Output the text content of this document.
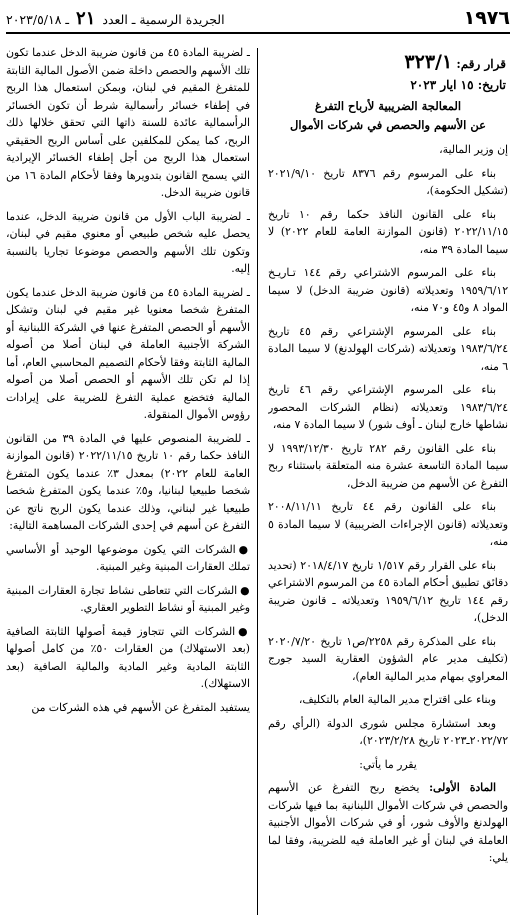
١٩٧٦
الجريدة الرسمية ـ العدد ٢١ ـ ٢٠٢٣/٥/١٨
قرار رقم: ٣٢٣/١
تاريخ: ١٥ ايار ٢٠٢٣
المعالجة الضريبية لأرباح التفرغ
عن الأسهم والحصص في شركات الأموال

إن وزير المالية،

بناء على المرسوم رقم ٨٣٧٦ تاريخ ٢٠٢١/٩/١٠ (تشكيل الحكومة)،

بناء على القانون النافذ حكما رقم ١٠ تاريخ ٢٠٢٢/١١/١٥ (قانون الموازنة العامة للعام ٢٠٢٢) لا سيما المادة ٣٩ منه،

بناء على المرسوم الاشتراعي رقم ١٤٤ تـاريـخ ١٩٥٩/٦/١٢ وتعديلاته (قانون ضريبة الدخل) لا سيما المواد ٨ و٤٥ و٧٠ منه،

بناء على المرسوم الإشتراعي رقم ٤٥ تاريخ ١٩٨٣/٦/٢٤ وتعديلاته (شركات الهولدنغ) لا سيما المادة ٦ منه،

بناء على المرسوم الإشتراعي رقم ٤٦ تاريخ ١٩٨٣/٦/٢٤ وتعديلاته (نظام الشركات المحصور نشاطها خارج لبنان ـ أوف شور) لا سيما المادة ٧ منه،

بناء على القانون رقم ٢٨٢ تاريخ ١٩٩٣/١٢/٣٠ لا سيما المادة التاسعة عشرة منه المتعلقة باستثناء ربح التفرغ عن الأسهم من ضريبة الدخل،

بناء على القانون رقم ٤٤ تاريخ ٢٠٠٨/١١/١١ وتعديلاته (قانون الإجراءات الضريبية) لا سيما المادة ٥ منه،

بناء على القرار رقم ١/٥١٧ تاريخ ٢٠١٨/٤/١٧ (تحديد دقائق تطبيق أحكام المادة ٤٥ من المرسوم الاشتراعي رقم ١٤٤ تاريخ ١٩٥٩/٦/١٢ وتعديلاته ـ قانون ضريبة الدخل)،

بناء على المذكرة رقم ٢٢٥٨/ص١ تاريخ ٢٠٢٠/٧/٢٠ (تكليف مدير عام الشؤون العقارية السيد جورج المعراوي بمهام مدير المالية العام)،

وبناء على اقتراح مدير المالية العام بالتكليف،

وبعد استشارة مجلس شورى الدولة (الرأي رقم ٢٠٢٢/٧٢ـ٢٠٢٣ تاريخ ٢٠٢٣/٢/٢٨)،

يقرر ما يأتي:

المادة الأولى: يخضع ربح التفرغ عن الأسهم والحصص في شركات الأموال اللبنانية بما فيها شركات الهولدنغ والأوف شور، أو في شركات الأموال الأجنبية العاملة في لبنان أو غير العاملة فيه للضريبة، وفقا لما يلي:

ـ لضريبة المادة ٤٥ من قانون ضريبة الدخل عندما تكون تلك الأسهم والحصص داخلة ضمن الأصول المالية الثابتة للمتفرغ المقيم في لبنان، وبمكن استعمال هذا الربح في إطفاء خسائر رأسمالية شرط أن تكون الخسائر الرأسمالية عائدة للسنة ذاتها التي تحقق خلالها ذلك الربح، كما يمكن للمكلفين على أساس الربح الحقيقي استعمال هذا الربح من أجل إطفاء الخسائر الإيرادية التي يسمح القانون بتدويرها وفقا لأحكام المادة ١٦ من قانون ضريبة الدخل.

ـ لضريبة الباب الأول من قانون ضريبة الدخل، عندما يحصل عليه شخص طبيعي أو معنوي مقيم في لبنان، وتكون تلك الأسهم والحصص موضوعا تجاريا بالنسبة إليه.

ـ لضريبة المادة ٤٥ من قانون ضريبة الدخل عندما يكون المتفرغ شخصا معنويا غير مقيم في لبنان وتشكل الأسهم أو الحصص المتفرغ عنها في الشركة اللبنانية أو الشركة الأجنبية العاملة في لبنان أصلا من أصوله المالية الثابتة وفقا لأحكام التصميم المحاسبي العام، أما إذا لم تكن تلك الأسهم أو الحصص أصلا من أصوله المالية فتخضع عملية التفرغ للضريبة على إيرادات رؤوس الأموال المنقولة.

ـ للضريبة المنصوص عليها في المادة ٣٩ من القانون النافذ حكما رقم ١٠ تاريخ ٢٠٢٢/١١/١٥ (قانون الموازنة العامة للعام ٢٠٢٢) بمعدل ٣٪ عندما يكون المتفرغ شخصا طبيعيا لبنانيا، و٥٪ عندما يكون المتفرغ شخصا طبيعيا غير لبناني، وذلك عندما يكون الربح ناتج عن التفرغ عن أسهم في إحدى الشركات المساهمة التالية:

●الشركات التي يكون موضوعها الوحيد أو الأساسي تملك العقارات المبنية وغير المبنية.

●الشركات التي تتعاطى نشاط تجارة العقارات المبنية وغير المبنية أو نشاط التطوير العقاري.

●الشركات التي تتجاوز قيمة أصولها الثابتة الصافية (بعد الاستهلاك) من العقارات ٥٠٪ من كامل أصولها الثابتة المادية وغير المادية والمالية الصافية (بعد الاستهلاك).

يستفيد المتفرغ عن الأسهم في هذه الشركات من
